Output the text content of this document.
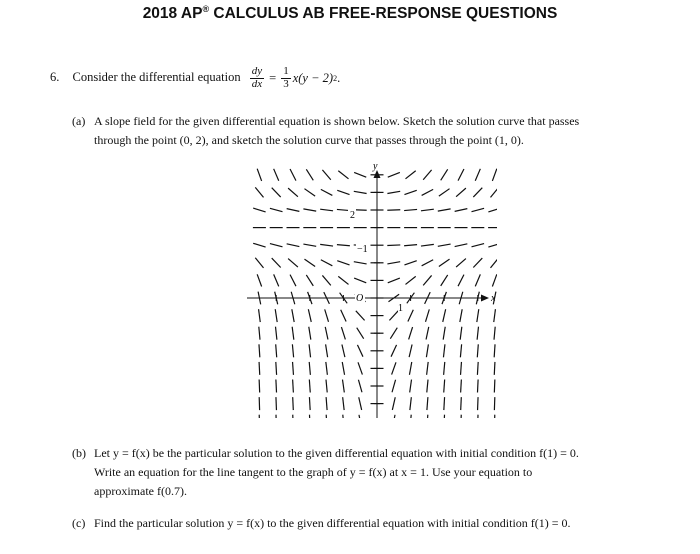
2018 AP® CALCULUS AB FREE-RESPONSE QUESTIONS
6. Consider the differential equation $\frac{dy}{dx} = \frac{1}{3} x(y - 2)$ 2 .
(a) A slope field for the given differential equation is shown below. Sketch the solution curve that passes
through the point (0, 2), and sketch the solution curve that passes through the point (1, 0).
2
−1
O
1
x
y
(b) Let y = f(x) be the particular solution to the given differential equation with initial condition f(1) = 0.
Write an equation for the line tangent to the graph of y = f(x) at x = 1. Use your equation to
approximate f(0.7).
(c) Find the particular solution y = f(x) to the given differential equation with initial condition f(1) = 0.
